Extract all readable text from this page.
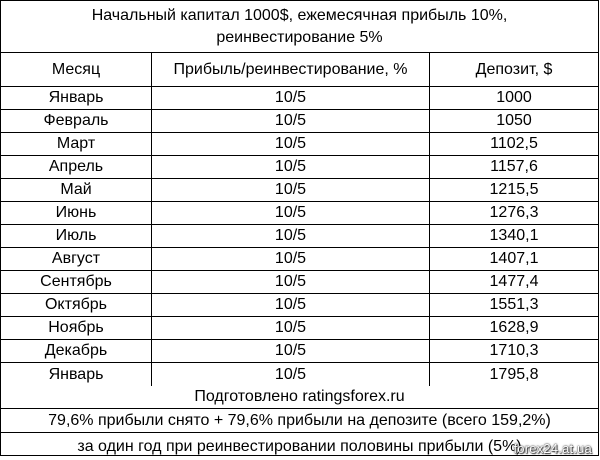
Начальный капитал 1000$, ежемесячная прибыль 10%,
реинвестирование 5%
Месяц	Прибыль/реинвестирование, %	Депозит, $
Январь	10/5	1000
Февраль	10/5	1050
Март	10/5	1102,5
Апрель	10/5	1157,6
Май	10/5	1215,5
Июнь	10/5	1276,3
Июль	10/5	1340,1
Август	10/5	1407,1
Сентябрь	10/5	1477,4
Октябрь	10/5	1551,3
Ноябрь	10/5	1628,9
Декабрь	10/5	1710,3
Январь	10/5	1795,8
Подготовлено ratingsforex.ru
79,6% прибыли снято + 79,6% прибыли на депозите (всего 159,2%)
за один год при реинвестировании половины прибыли (5%)
forex24.at.ua
